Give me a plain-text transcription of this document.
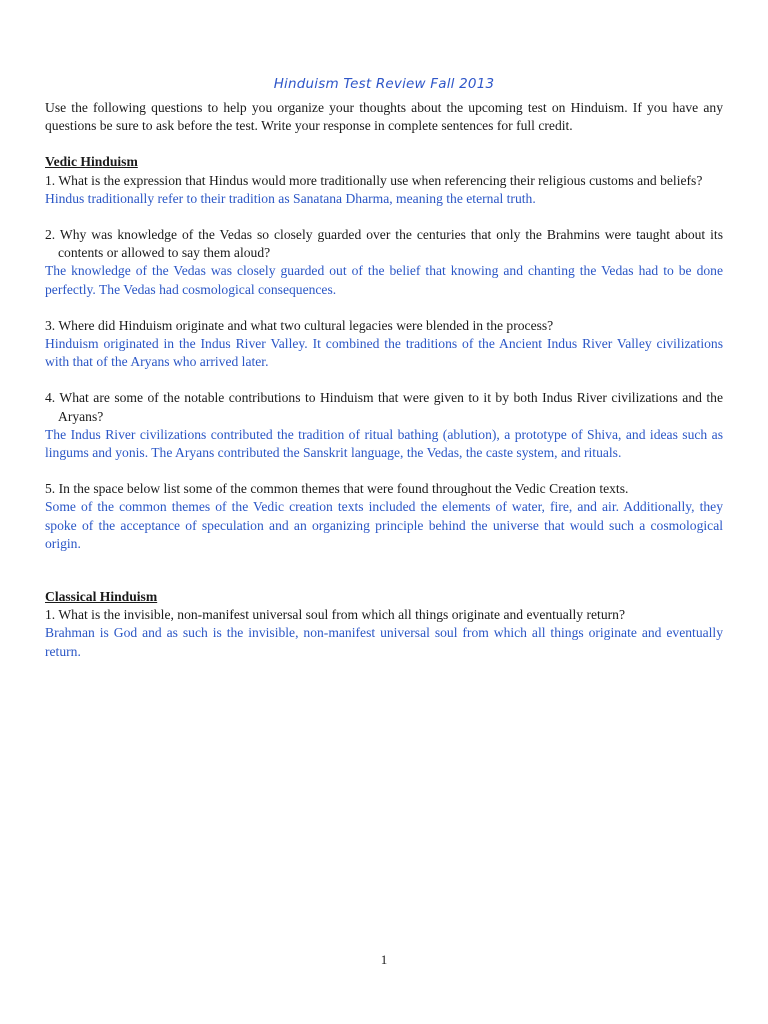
Hinduism Test Review Fall 2013

Use the following questions to help you organize your thoughts about the upcoming test on Hinduism. If you have any questions be sure to ask before the test. Write your response in complete sentences for full credit.

Vedic Hinduism

1. What is the expression that Hindus would more traditionally use when referencing their religious customs and beliefs?

Hindus traditionally refer to their tradition as Sanatana Dharma, meaning the eternal truth.

2. Why was knowledge of the Vedas so closely guarded over the centuries that only the Brahmins were taught about its contents or allowed to say them aloud?

The knowledge of the Vedas was closely guarded out of the belief that knowing and chanting the Vedas had to be done perfectly. The Vedas had cosmological consequences.

3. Where did Hinduism originate and what two cultural legacies were blended in the process?

Hinduism originated in the Indus River Valley. It combined the traditions of the Ancient Indus River Valley civilizations with that of the Aryans who arrived later.

4. What are some of the notable contributions to Hinduism that were given to it by both Indus River civilizations and the Aryans?

The Indus River civilizations contributed the tradition of ritual bathing (ablution), a prototype of Shiva, and ideas such as lingums and yonis. The Aryans contributed the Sanskrit language, the Vedas, the caste system, and rituals.

5. In the space below list some of the common themes that were found throughout the Vedic Creation texts.

Some of the common themes of the Vedic creation texts included the elements of water, fire, and air. Additionally, they spoke of the acceptance of speculation and an organizing principle behind the universe that would such a cosmological origin.

Classical Hinduism

1. What is the invisible, non-manifest universal soul from which all things originate and eventually return?

Brahman is God and as such is the invisible, non-manifest universal soul from which all things originate and eventually return.

1
